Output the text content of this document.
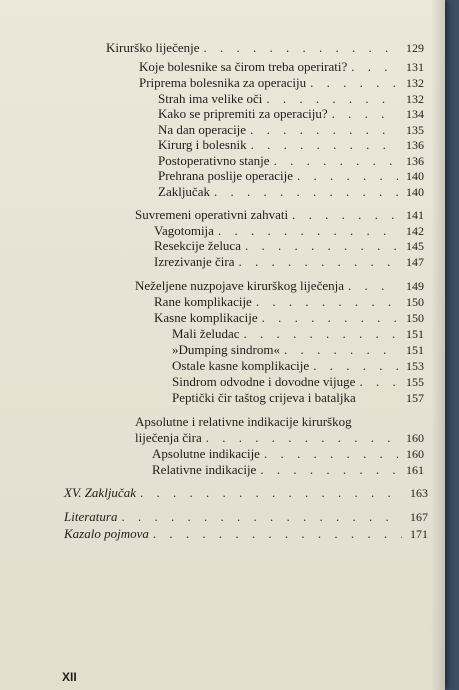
Kirurško liječenje . . .	129
Koje bolesnike sa čirom treba operirati? . . .	131
Priprema bolesnika za operaciju . . .	132
Strah ima velike oči . . .	132
Kako se pripremiti za operaciju? . . .	134
Na dan operacije . . .	135
Kirurg i bolesnik . . .	136
Postoperativno stanje . . .	136
Prehrana poslije operacije . . .	140
Zaključak . . .	140
Suvremeni operativni zahvati . . .	141
Vagotomija . . .	142
Resekcije želuca . . .	145
Izrezivanje čira . . .	147
Neželjene nuzpojave kirurškog liječenja . . .	149
Rane komplikacije . . .	150
Kasne komplikacije . . .	150
Mali želudac . . .	151
»Dumping sindrom« . . .	151
Ostale kasne komplikacije . . .	153
Sindrom odvodne i dovodne vijuge . . .	155
Peptički čir taštog crijeva i bataljka	157
Apsolutne i relativne indikacije kirurškog
liječenja čira . . .	160
Apsolutne indikacije . . .	160
Relativne indikacije . . .	161
XV. Zaključak . . .	163
Literatura . . .	167
Kazalo pojmova . . .	171
XII
